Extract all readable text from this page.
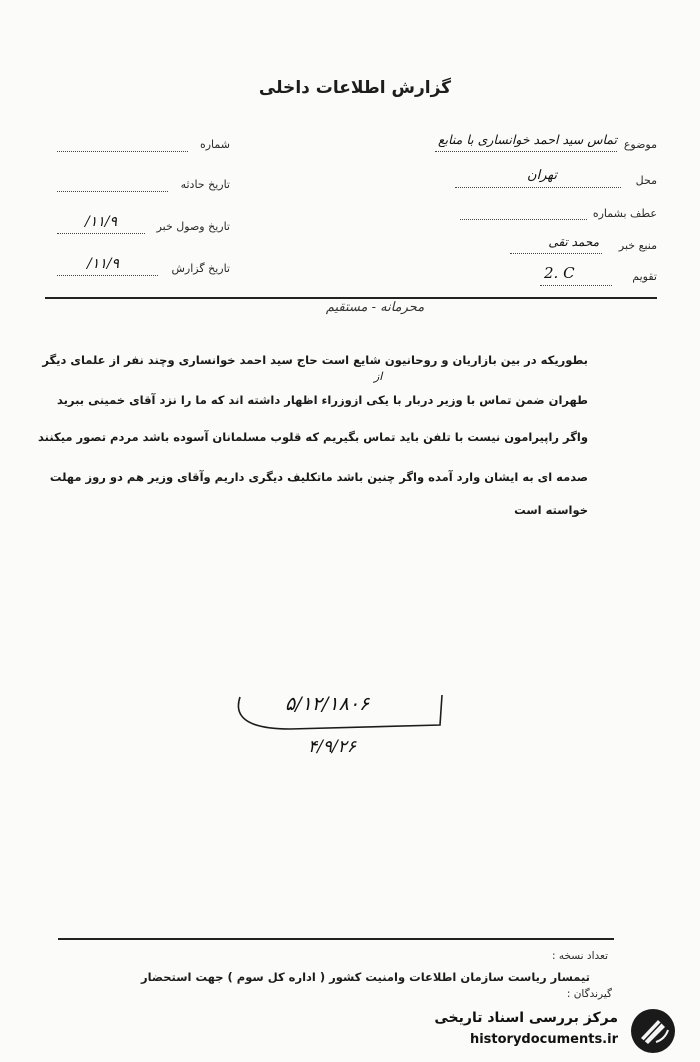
گزارش اطلاعات داخلی
شماره
تاریخ حادثه
تاریخ وصول خبر
۱۱/۹/
تاریخ گزارش
۱۱/۹/
موضوع
تماس سید احمد خوانساری با منابع
محل
تهران
عطف بشماره
منبع خبر
محمد تقی
تقویم
2. C
محرمانه - مستقیم
بطوریکه در بین بازاریان و روحانیون شایع است حاج سید احمد خوانساری وچند نفر از علمای دیگر
از
طهران ضمن تماس با وزیر دربار با یکی ازوزراء اظهار داشته اند که ما را نزد آقای خمینی ببرید
واگر راپیرامون نیست با تلفن باید تماس بگیریم که قلوب مسلمانان آسوده باشد مردم تصور میکنند
صدمه ای به ایشان وارد آمده واگر چنین باشد ماتکلیف دیگری داریم وآقای وزیر هم دو روز مهلت
خواسته است
۵/۱۲/۱۸۰۶
۴/۹/۲۶
تعداد نسخه :
تیمسار ریاست سازمان اطلاعات وامنیت کشور ( اداره کل سوم ) جهت استحضار
گیرندگان :
مرکز بررسی اسناد تاریخی
historydocuments.ir
